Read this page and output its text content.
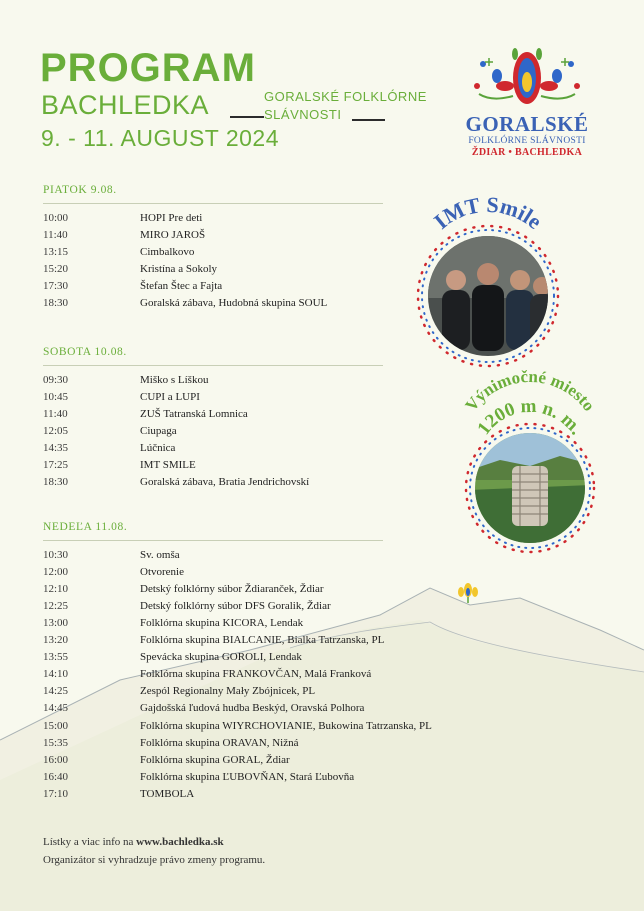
PROGRAM
BACHLEDKA	GORALSKÉ FOLKLÓRNE
SLÁVNOSTI
9. - 11. AUGUST 2024
GORALSKÉ
FOLKLÓRNE SLÁVNOSTI
ŽDIAR • BACHLEDKA
IMT Smile
Výnimočné miesto
1200 m n. m.
PIATOK 9.08.
10:00	HOPI Pre deti
11:40	MIRO JAROŠ
13:15	Cimbalkovo
15:20	Kristína a Sokoly
17:30	Štefan Štec a Fajta
18:30	Goralská zábava, Hudobná skupina SOUL
SOBOTA 10.08.
09:30	Miško s Líškou
10:45	CUPI a LUPI
11:40	ZUŠ Tatranská Lomnica
12:05	Ciupaga
14:35	Lúčnica
17:25	IMT SMILE
18:30	Goralská zábava, Bratia Jendrichovskí
NEDEĽA 11.08.
10:30	Sv. omša
12:00	Otvorenie
12:10	Detský folklórny súbor Ždiaranček, Ždiar
12:25	Detský folklórny súbor DFS Goralik, Ždiar
13:00	Folklórna skupina KICORA, Lendak
13:20	Folklórna skupina BIALCANIE, Bialka Tatrzanska, PL
13:55	Spevácka skupina GOROLI, Lendak
14:10	Folklórna skupina FRANKOVČAN, Malá Franková
14:25	Zespól Regionalny Mały Zbójnicek, PL
14:45	Gajdošská ľudová hudba Beskýd, Oravská Polhora
15:00	Folklórna skupina WIYRCHOVIANIE, Bukowina Tatrzanska, PL
15:35	Folklórna skupina ORAVAN, Nižná
16:00	Folklórna skupina GORAL, Ždiar
16:40	Folklórna skupina ĽUBOVŇAN, Stará Ľubovňa
17:10	TOMBOLA
Lístky a viac info na www.bachledka.sk
Organizátor si vyhradzuje právo zmeny programu.
